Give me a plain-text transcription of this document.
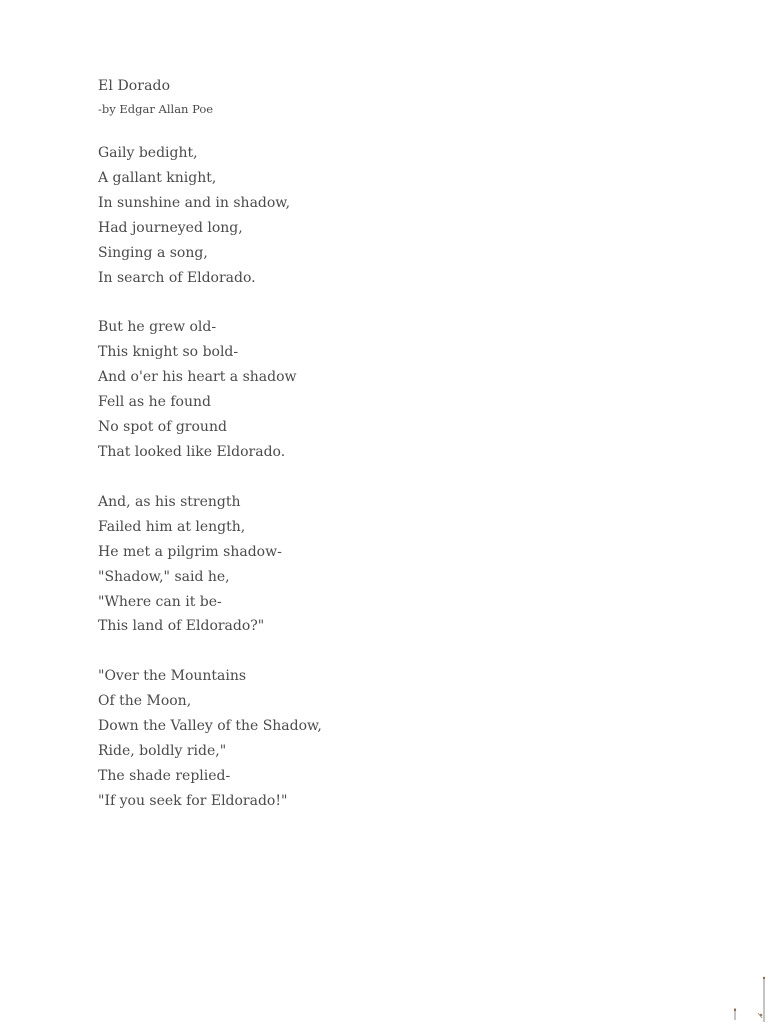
El Dorado
-by Edgar Allan Poe
Gaily bedight,
A gallant knight,
In sunshine and in shadow,
Had journeyed long,
Singing a song,
In search of Eldorado.
But he grew old-
This knight so bold-
And o'er his heart a shadow
Fell as he found
No spot of ground
That looked like Eldorado.
And, as his strength
Failed him at length,
He met a pilgrim shadow-
"Shadow," said he,
"Where can it be-
This land of Eldorado?"
"Over the Mountains
Of the Moon,
Down the Valley of the Shadow,
Ride, boldly ride,"
The shade replied-
"If you seek for Eldorado!"
